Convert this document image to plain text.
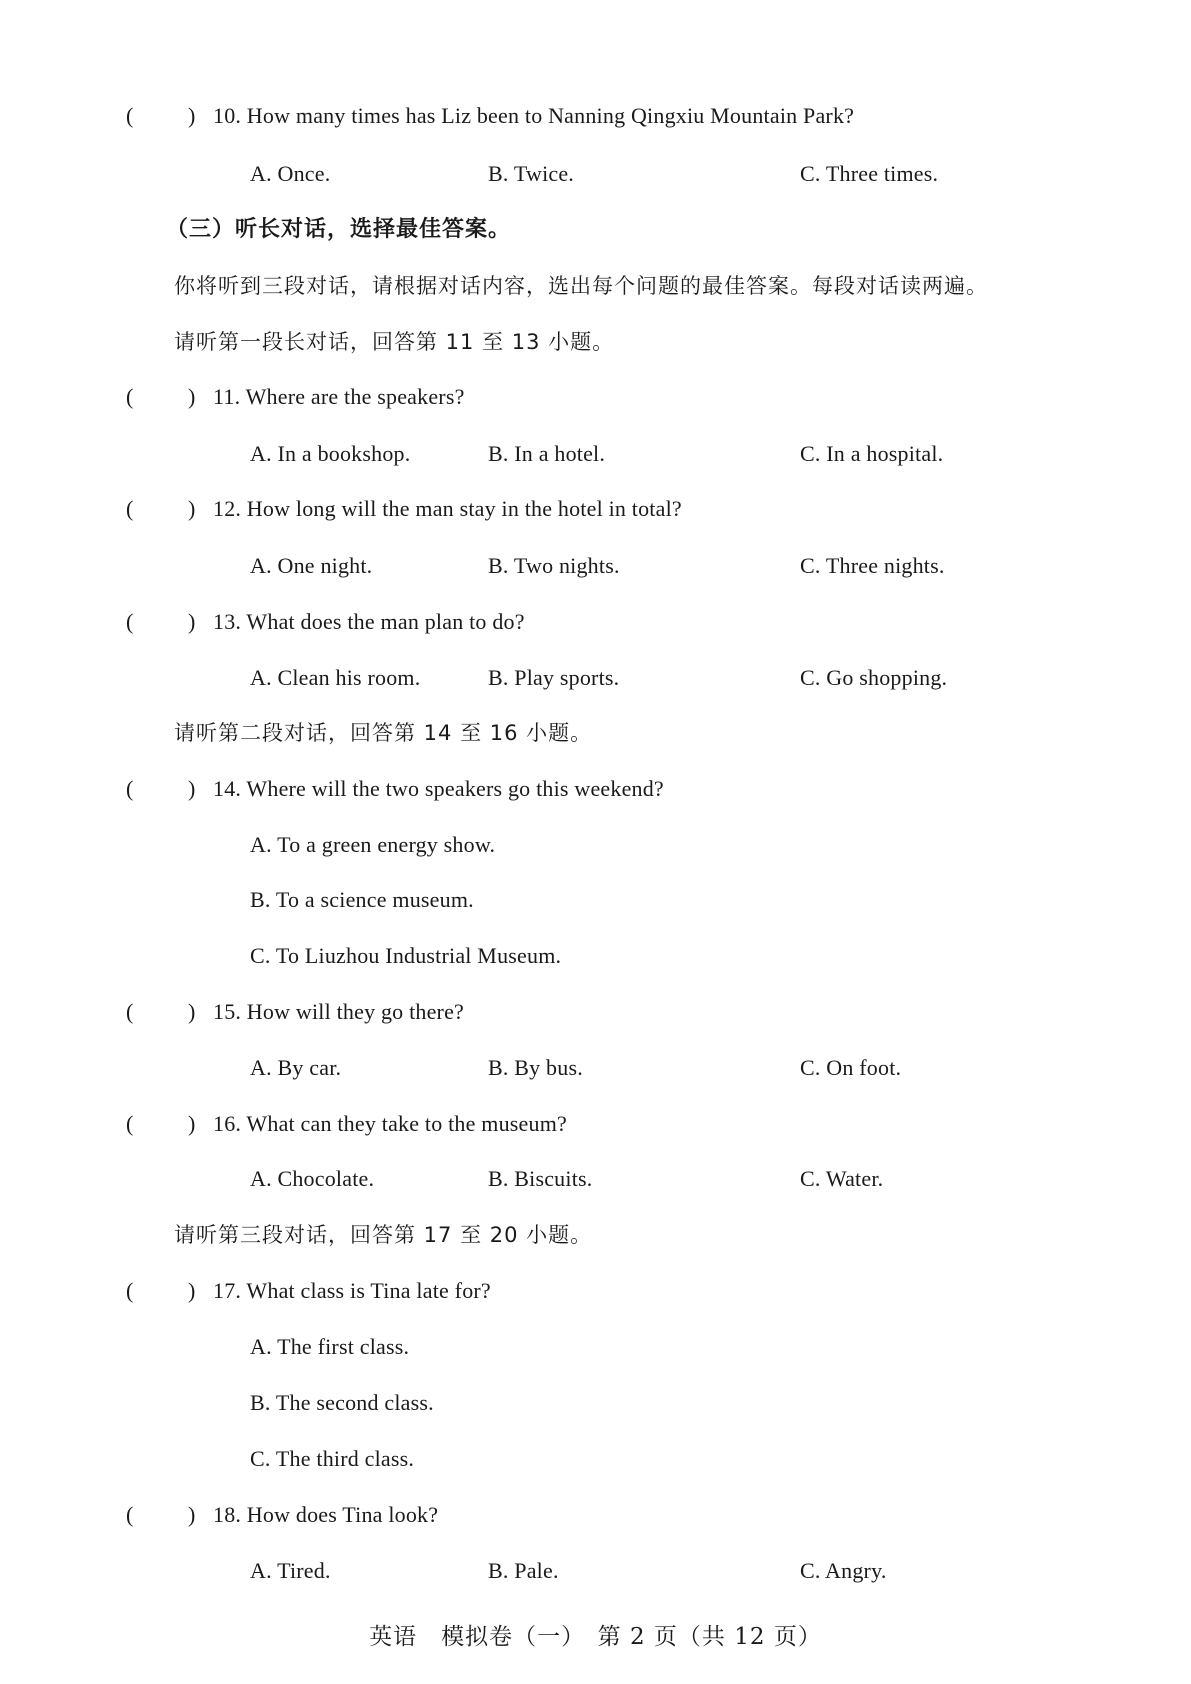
( ) 10. How many times has Liz been to Nanning Qingxiu Mountain Park?
A. Once.	B. Twice.	C. Three times.
（三）听长对话，选择最佳答案。
你将听到三段对话，请根据对话内容，选出每个问题的最佳答案。每段对话读两遍。
请听第一段长对话，回答第 11 至 13 小题。
( ) 11. Where are the speakers?
A. In a bookshop.	B. In a hotel.	C. In a hospital.
( ) 12. How long will the man stay in the hotel in total?
A. One night.	B. Two nights.	C. Three nights.
( ) 13. What does the man plan to do?
A. Clean his room.	B. Play sports.	C. Go shopping.
请听第二段对话，回答第 14 至 16 小题。
( ) 14. Where will the two speakers go this weekend?
A. To a green energy show.
B. To a science museum.
C. To Liuzhou Industrial Museum.
( ) 15. How will they go there?
A. By car.	B. By bus.	C. On foot.
( ) 16. What can they take to the museum?
A. Chocolate.	B. Biscuits.	C. Water.
请听第三段对话，回答第 17 至 20 小题。
( ) 17. What class is Tina late for?
A. The first class.
B. The second class.
C. The third class.
( ) 18. How does Tina look?
A. Tired.	B. Pale.	C. Angry.
英语　模拟卷（一）　第 2 页（共 12 页）
